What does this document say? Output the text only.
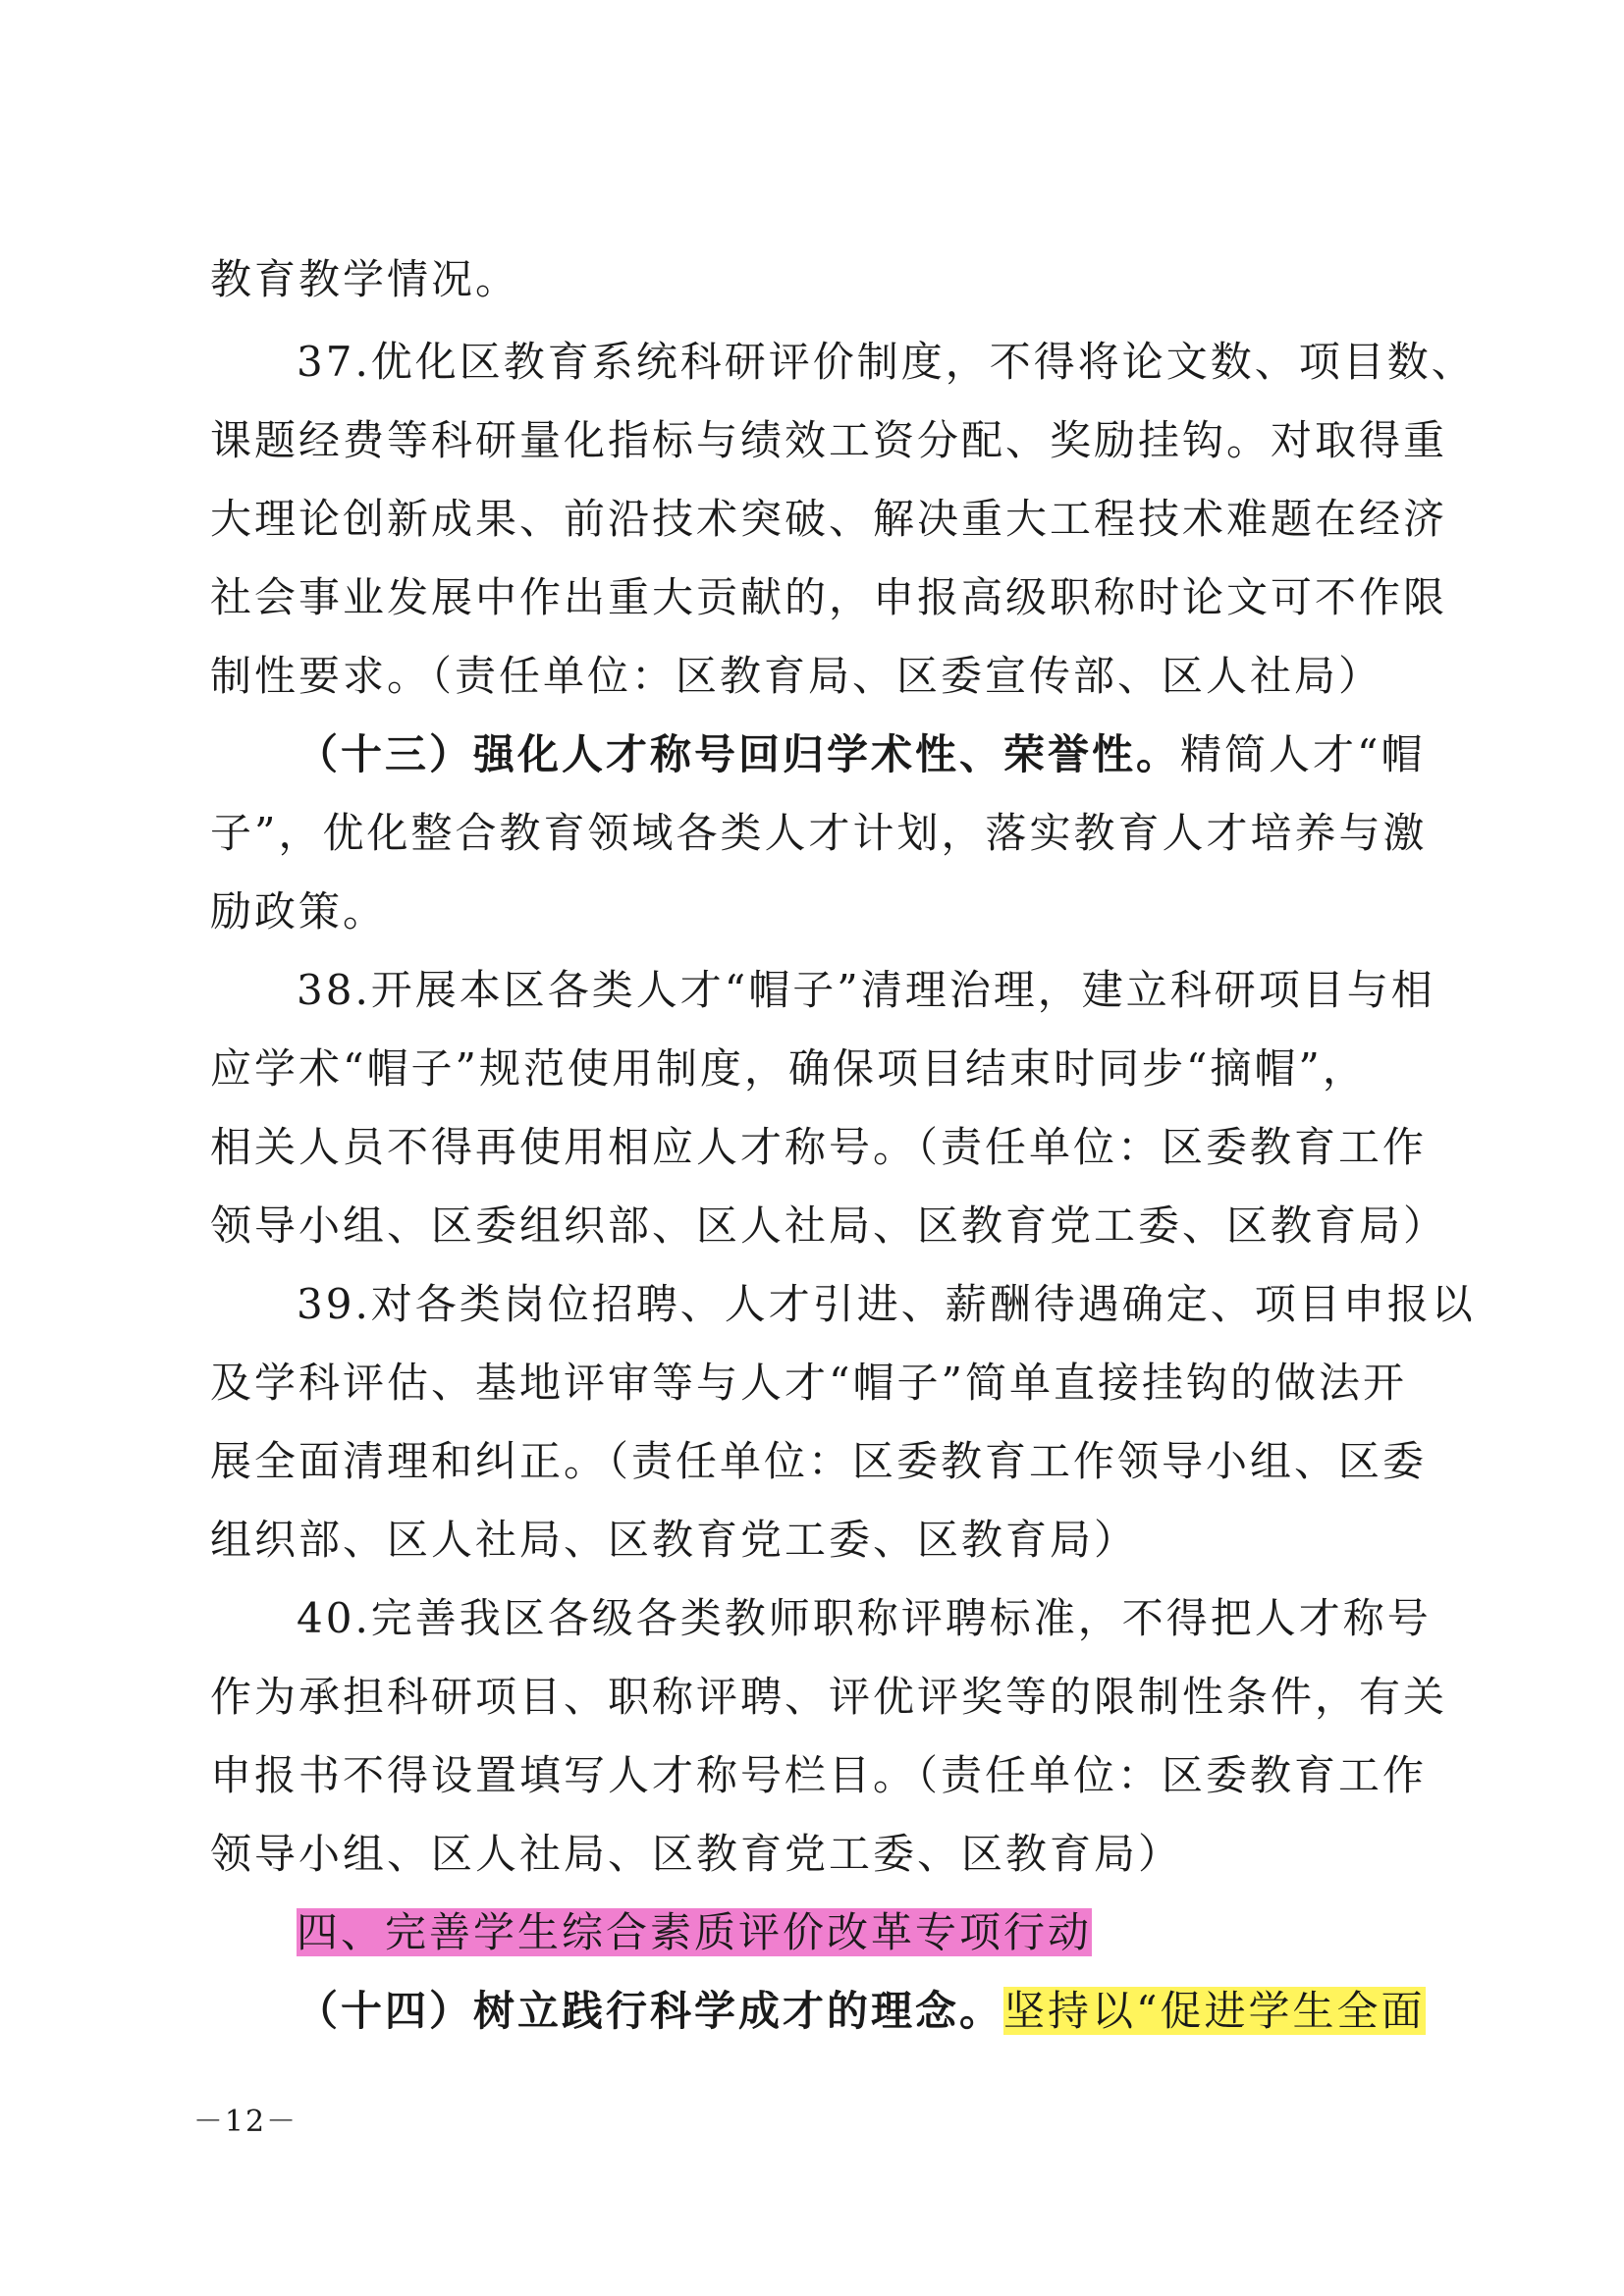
教育教学情况。
37.优化区教育系统科研评价制度，不得将论文数、项目数、
课题经费等科研量化指标与绩效工资分配、奖励挂钩。对取得重
大理论创新成果、前沿技术突破、解决重大工程技术难题在经济
社会事业发展中作出重大贡献的，申报高级职称时论文可不作限
制性要求。（责任单位：区教育局、区委宣传部、区人社局）
（十三）强化人才称号回归学术性、荣誉性。精简人才“帽
子”，优化整合教育领域各类人才计划，落实教育人才培养与激
励政策。
38.开展本区各类人才“帽子”清理治理，建立科研项目与相
应学术“帽子”规范使用制度，确保项目结束时同步“摘帽”，
相关人员不得再使用相应人才称号。（责任单位：区委教育工作
领导小组、区委组织部、区人社局、区教育党工委、区教育局）
39.对各类岗位招聘、人才引进、薪酬待遇确定、项目申报以
及学科评估、基地评审等与人才“帽子”简单直接挂钩的做法开
展全面清理和纠正。（责任单位：区委教育工作领导小组、区委
组织部、区人社局、区教育党工委、区教育局）
40.完善我区各级各类教师职称评聘标准，不得把人才称号
作为承担科研项目、职称评聘、评优评奖等的限制性条件，有关
申报书不得设置填写人才称号栏目。（责任单位：区委教育工作
领导小组、区人社局、区教育党工委、区教育局）
四、完善学生综合素质评价改革专项行动
（十四）树立践行科学成才的理念。坚持以“促进学生全面
－12－
